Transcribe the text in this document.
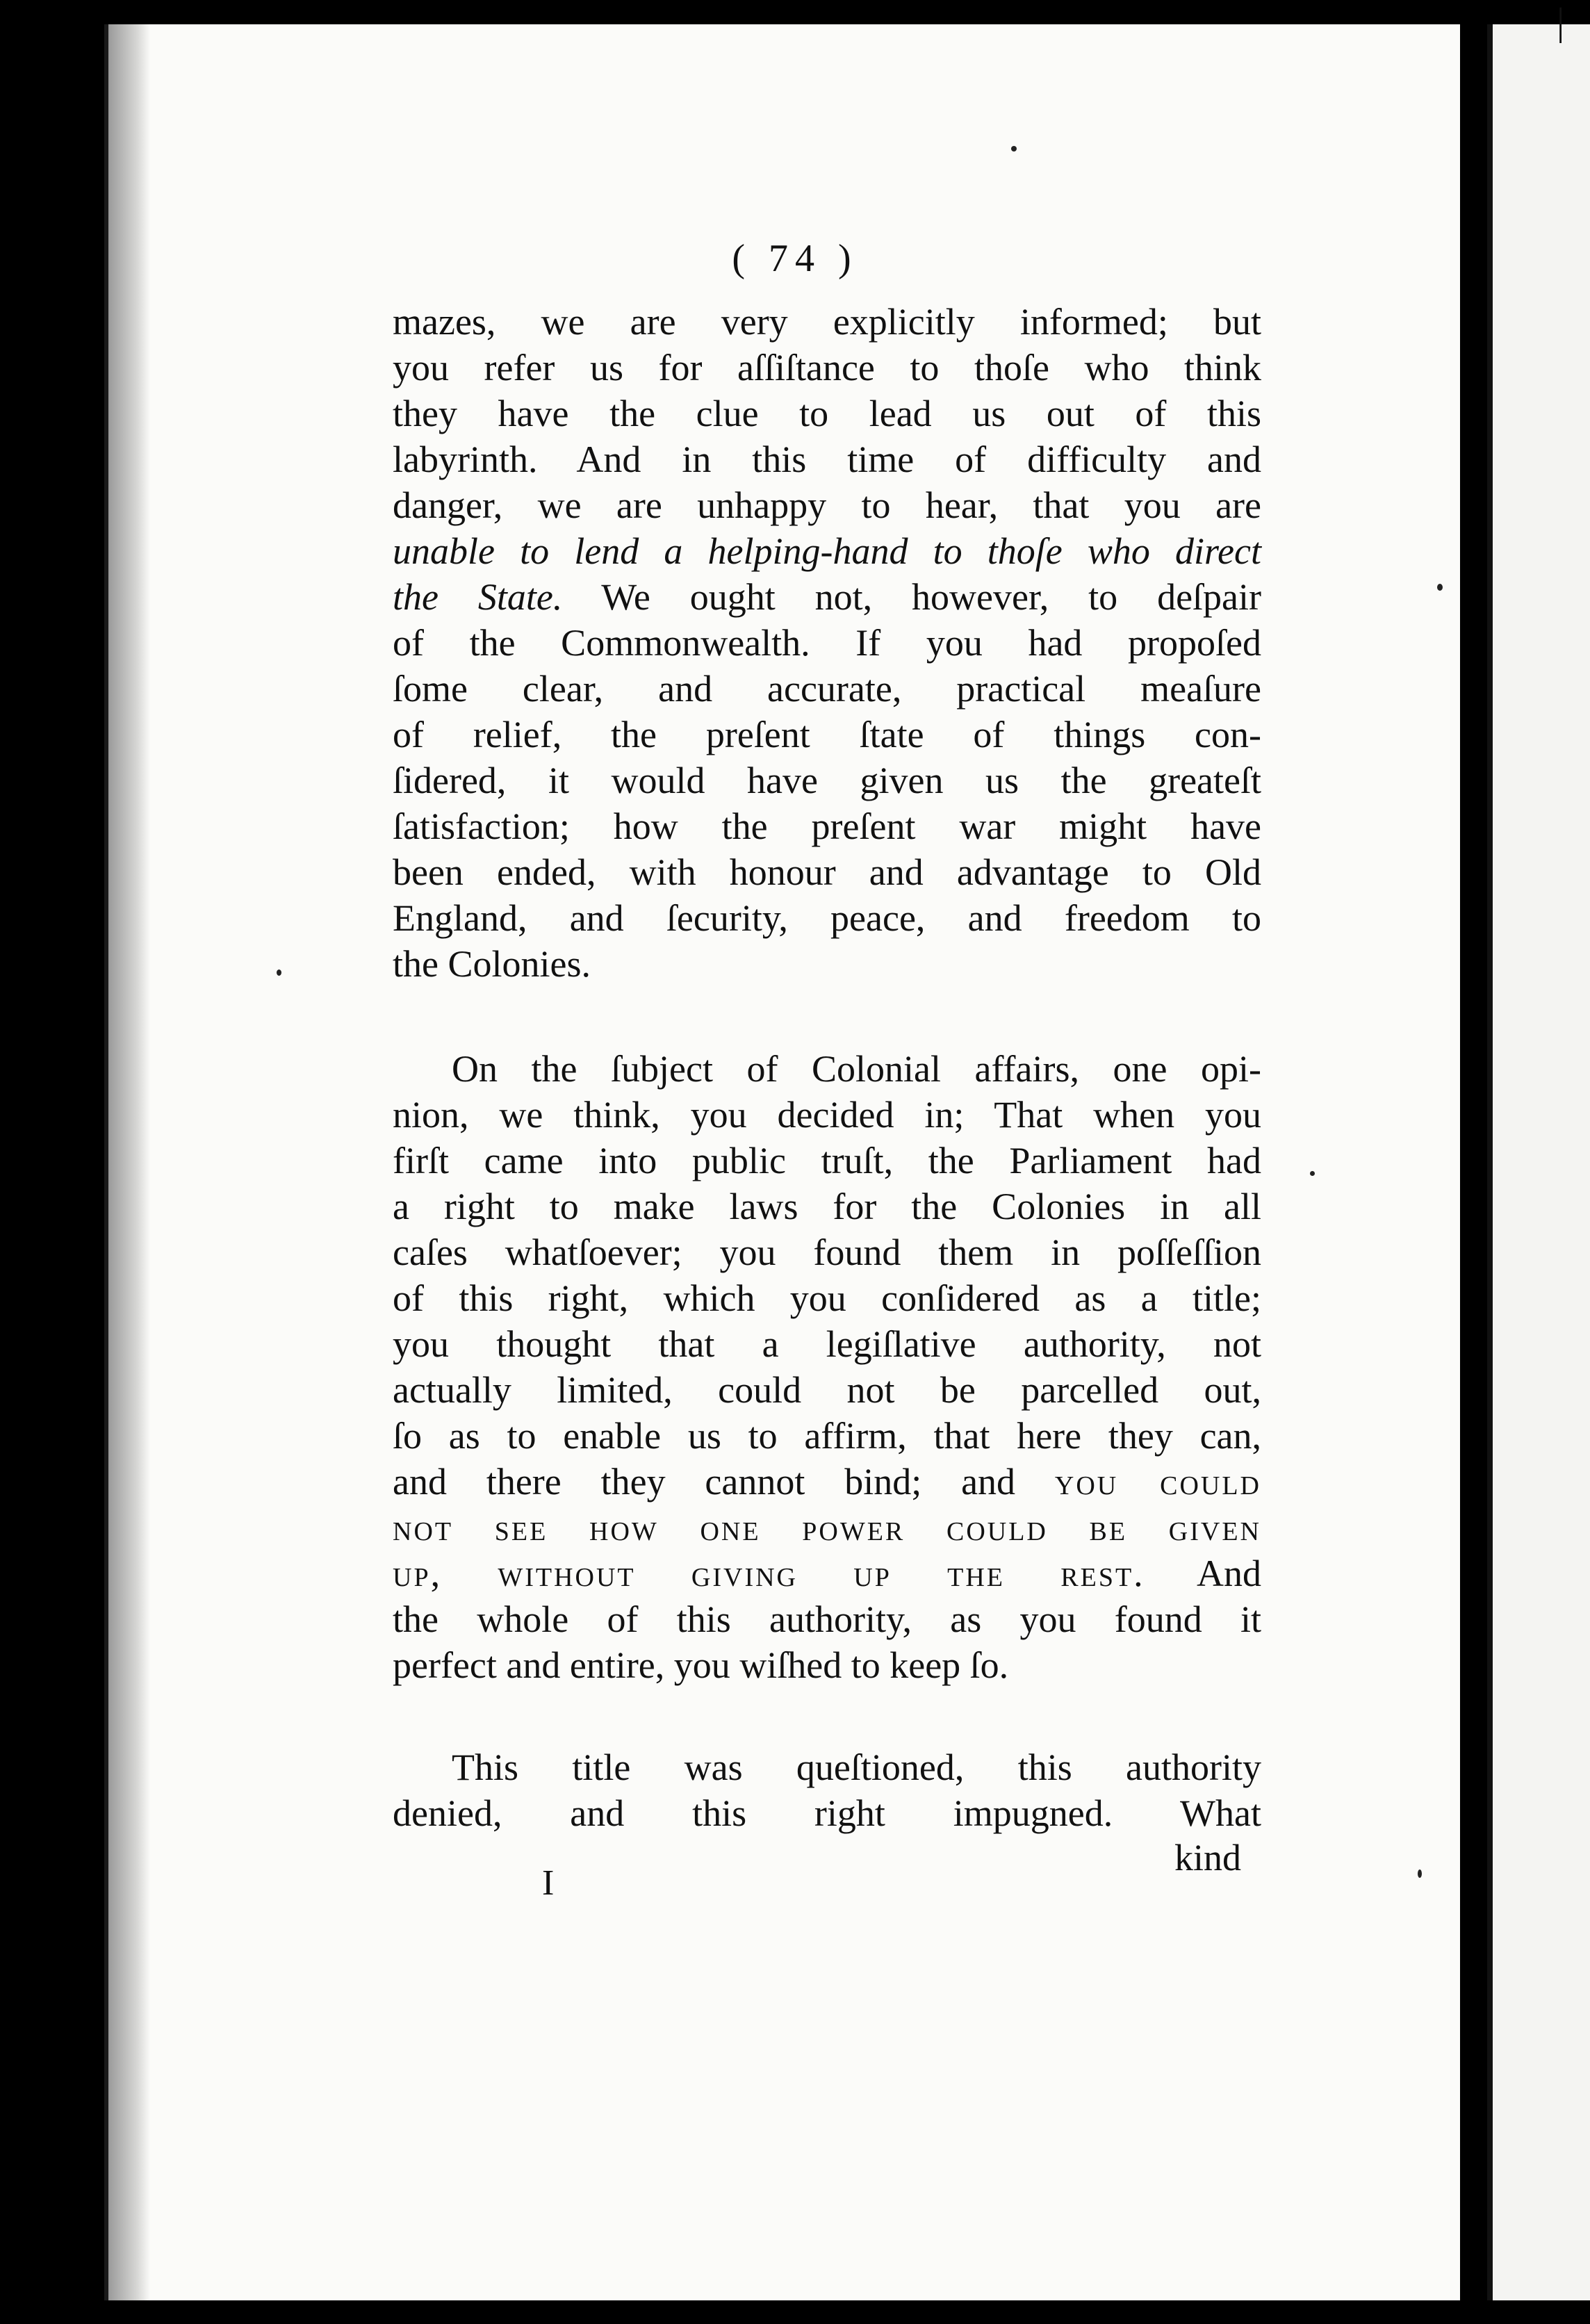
|
( 74 )
mazes, we are very explicitly informed; but
you refer us for aſſiſtance to thoſe who think
they have the clue to lead us out of this
labyrinth. And in this time of difficulty and
danger, we are unhappy to hear, that you are
unable to lend a helping-hand to thoſe who direct
the State. We ought not, however, to deſpair
of the Commonwealth. If you had propoſed
ſome clear, and accurate, practical meaſure
of relief, the preſent ſtate of things con-
ſidered, it would have given us the greateſt
ſatisfaction; how the preſent war might have
been ended, with honour and advantage to Old
England, and ſecurity, peace, and freedom to
the Colonies.
On the ſubject of Colonial affairs, one opi-
nion, we think, you decided in; That when you
firſt came into public truſt, the Parliament had
a right to make laws for the Colonies in all
caſes whatſoever; you found them in poſſeſſion
of this right, which you conſidered as a title;
you thought that a legiſlative authority, not
actually limited, could not be parcelled out,
ſo as to enable us to affirm, that here they can,
and there they cannot bind; and you could
not see how one power could be given
up, without giving up the rest. And
the whole of this authority, as you found it
perfect and entire, you wiſhed to keep ſo.
This title was queſtioned, this authority
denied, and this right impugned. What
I
kind
